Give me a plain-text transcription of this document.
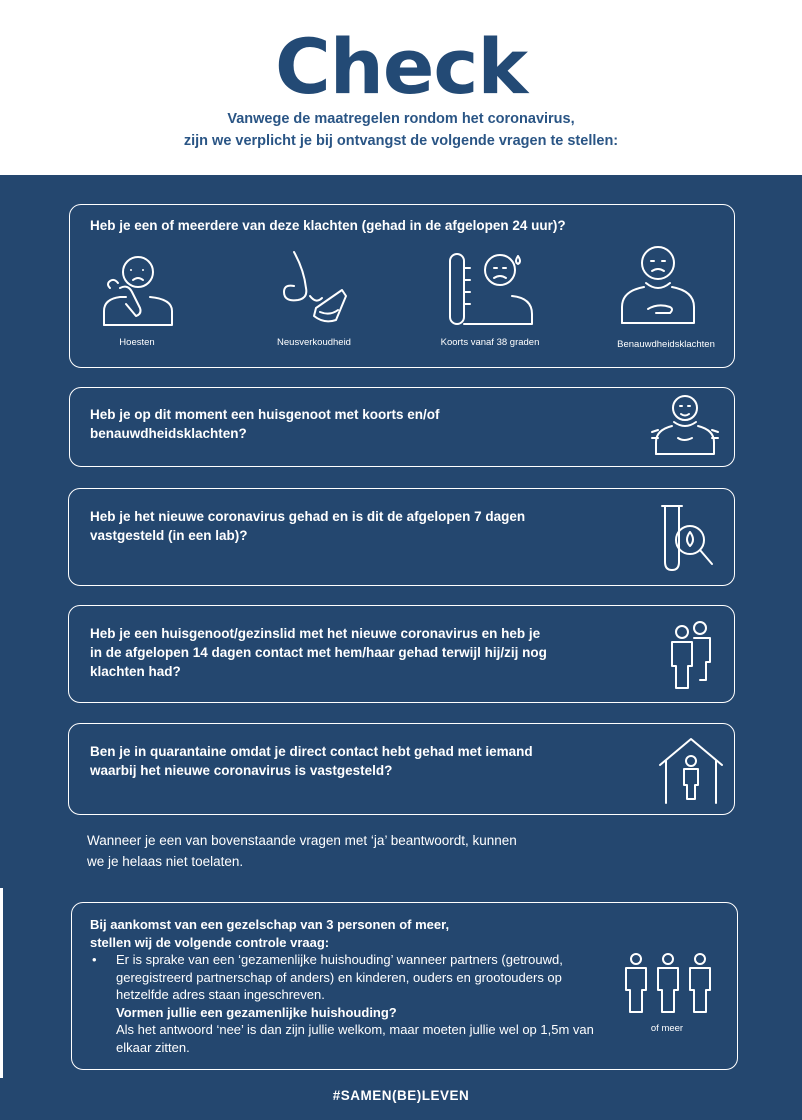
Check
Vanwege de maatregelen rondom het coronavirus,
zijn we verplicht je bij ontvangst de volgende vragen te stellen:
Heb je een of meerdere van deze klachten (gehad in de afgelopen 24 uur)?
Hoesten	Neusverkoudheid	Koorts vanaf 38 graden	Benauwdheidsklachten
Heb je op dit moment een huisgenoot met koorts en/of
benauwdheidsklachten?
Heb je het nieuwe coronavirus gehad en is dit de afgelopen 7 dagen
vastgesteld (in een lab)?
Heb je een huisgenoot/gezinslid met het nieuwe coronavirus en heb je
in de afgelopen 14 dagen contact met hem/haar gehad terwijl hij/zij nog
klachten had?
Ben je in quarantaine omdat je direct contact hebt gehad met iemand
waarbij het nieuwe coronavirus is vastgesteld?
Wanneer je een van bovenstaande vragen met ‘ja’ beantwoordt, kunnen
we je helaas niet toelaten.
Bij aankomst van een gezelschap van 3 personen of meer,
stellen wij de volgende controle vraag:
•	Er is sprake van een ‘gezamenlijke huishouding’ wanneer partners (getrouwd, geregistreerd partnerschap of anders) en kinderen, ouders en grootouders op hetzelfde adres staan ingeschreven.
Vormen jullie een gezamenlijke huishouding?
Als het antwoord ‘nee’ is dan zijn jullie welkom, maar moeten jullie wel op 1,5m van elkaar zitten.
of meer
#SAMEN(BE)LEVEN
